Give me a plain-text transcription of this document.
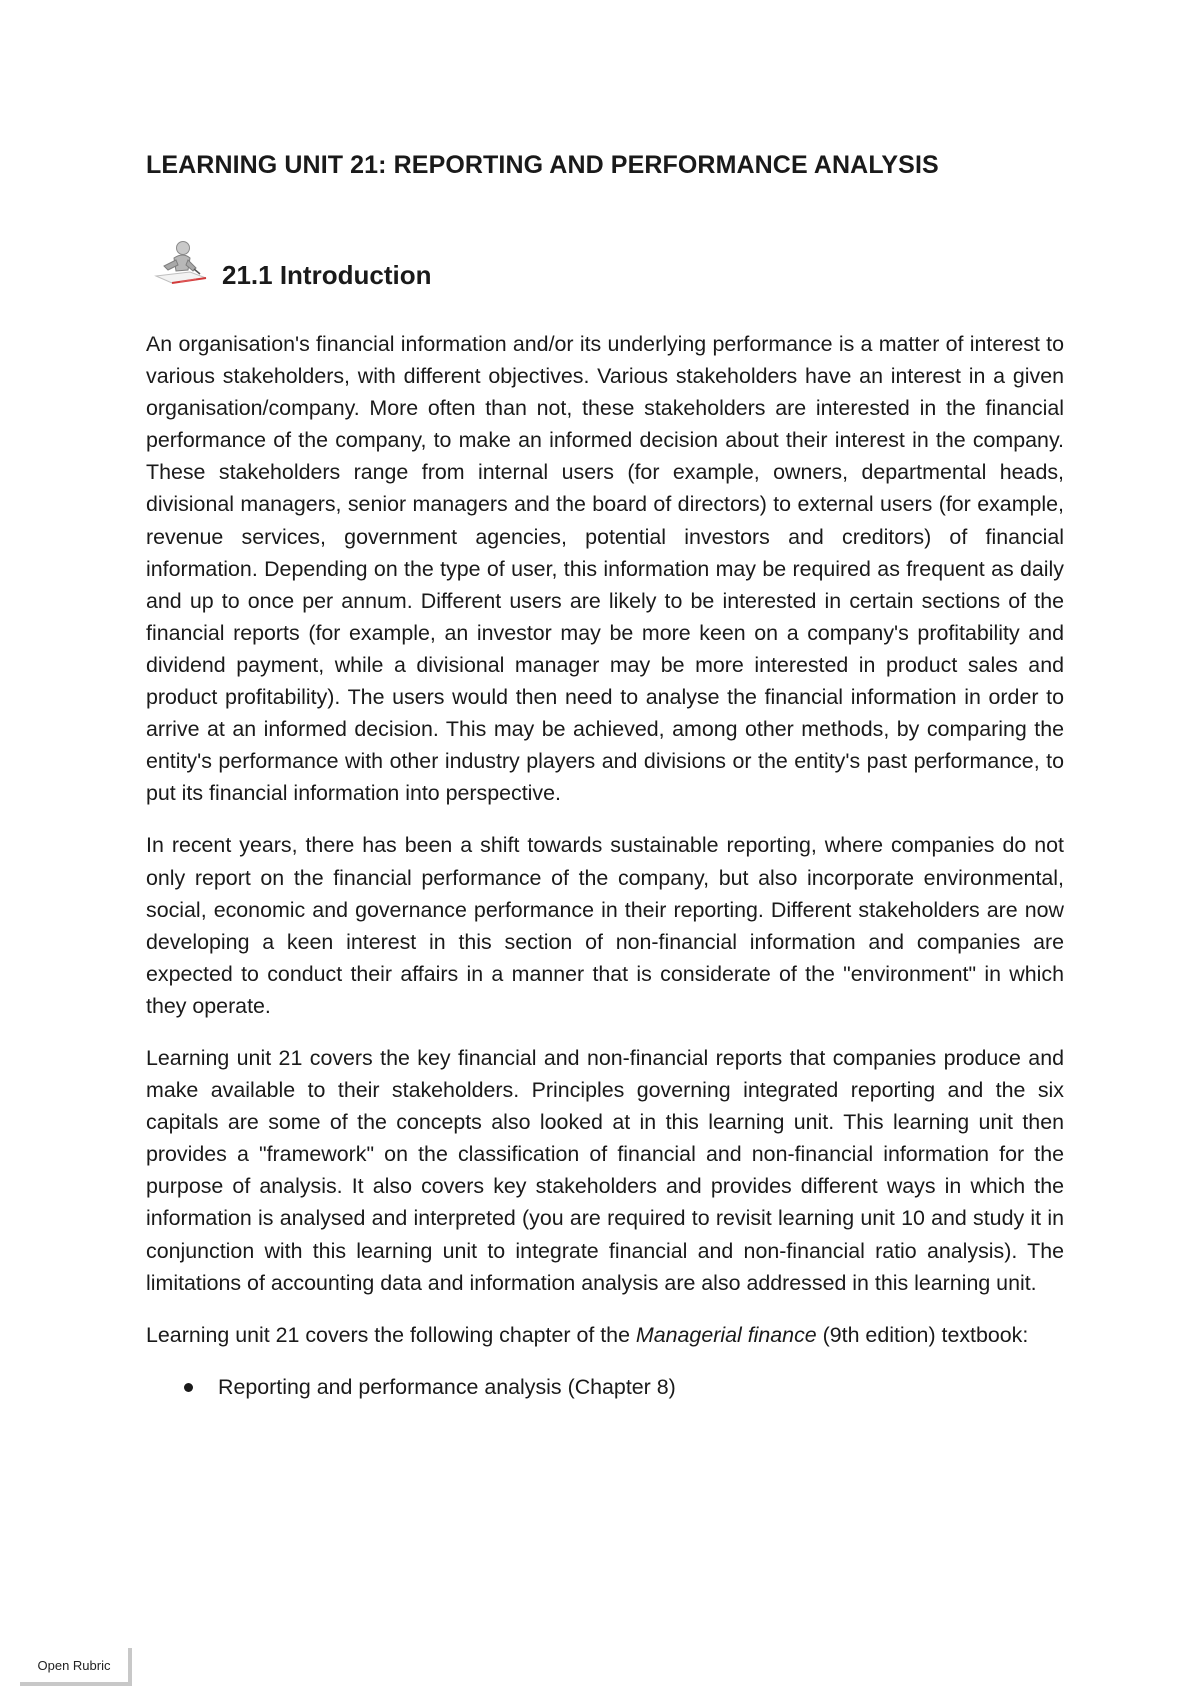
LEARNING UNIT 21: REPORTING AND PERFORMANCE ANALYSIS
21.1 Introduction

An organisation's financial information and/or its underlying performance is a matter of interest to various stakeholders, with different objectives. Various stakeholders have an interest in a given organisation/company. More often than not, these stakeholders are interested in the financial performance of the company, to make an informed decision about their interest in the company. These stakeholders range from internal users (for example, owners, departmental heads, divisional managers, senior managers and the board of directors) to external users (for example, revenue services, government agencies, potential investors and creditors) of financial information. Depending on the type of user, this information may be required as frequent as daily and up to once per annum. Different users are likely to be interested in certain sections of the financial reports (for example, an investor may be more keen on a company's profitability and dividend payment, while a divisional manager may be more interested in product sales and product profitability). The users would then need to analyse the financial information in order to arrive at an informed decision. This may be achieved, among other methods, by comparing the entity's performance with other industry players and divisions or the entity's past performance, to put its financial information into perspective.

In recent years, there has been a shift towards sustainable reporting, where companies do not only report on the financial performance of the company, but also incorporate environmental, social, economic and governance performance in their reporting. Different stakeholders are now developing a keen interest in this section of non-financial information and companies are expected to conduct their affairs in a manner that is considerate of the "environment" in which they operate.

Learning unit 21 covers the key financial and non-financial reports that companies produce and make available to their stakeholders. Principles governing integrated reporting and the six capitals are some of the concepts also looked at in this learning unit. This learning unit then provides a "framework" on the classification of financial and non-financial information for the purpose of analysis. It also covers key stakeholders and provides different ways in which the information is analysed and interpreted (you are required to revisit learning unit 10 and study it in conjunction with this learning unit to integrate financial and non-financial ratio analysis). The limitations of accounting data and information analysis are also addressed in this learning unit.

Learning unit 21 covers the following chapter of the Managerial finance (9th edition) textbook:

Reporting and performance analysis (Chapter 8)
Open Rubric
